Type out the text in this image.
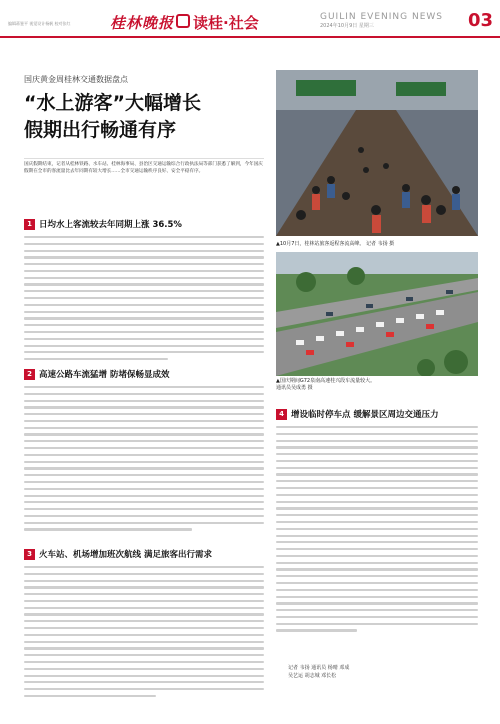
编辑蒋鉴平 视觉设计杨帆 校对张红	桂林晚报 读桂·社会	GUILIN EVENING NEWS
2024年10月9日 星期三	03
国庆黄金周桂林交通数据盘点
“水上游客”大幅增长
假期出行畅通有序
国庆假期结束，记者从桂林铁路、水车站、桂林海事局、县治区交通运输综合行政执法局等部门获悉了解到，今年国庆假期在全市的客流量比去年同期有较大增长……全市交通运输秩序良好、安全平稳有序。
1 日均水上客流较去年同期上涨 36.5%
2 高速公路车流猛增 防堵保畅显成效
3 火车站、机场增加班次航线 满足旅客出行需求
▲10月7日，桂林站旅客返程客流高峰。 记者 韦扬 摄
▲国庆期间G72泉南高速桂兴段车流量较大。
通讯员吴成勇 摄
4 增设临时停车点 缓解景区周边交通压力
记者 韦扬 通讯员 杨晴 邓成
吴艺运 胡志城 邓长松
